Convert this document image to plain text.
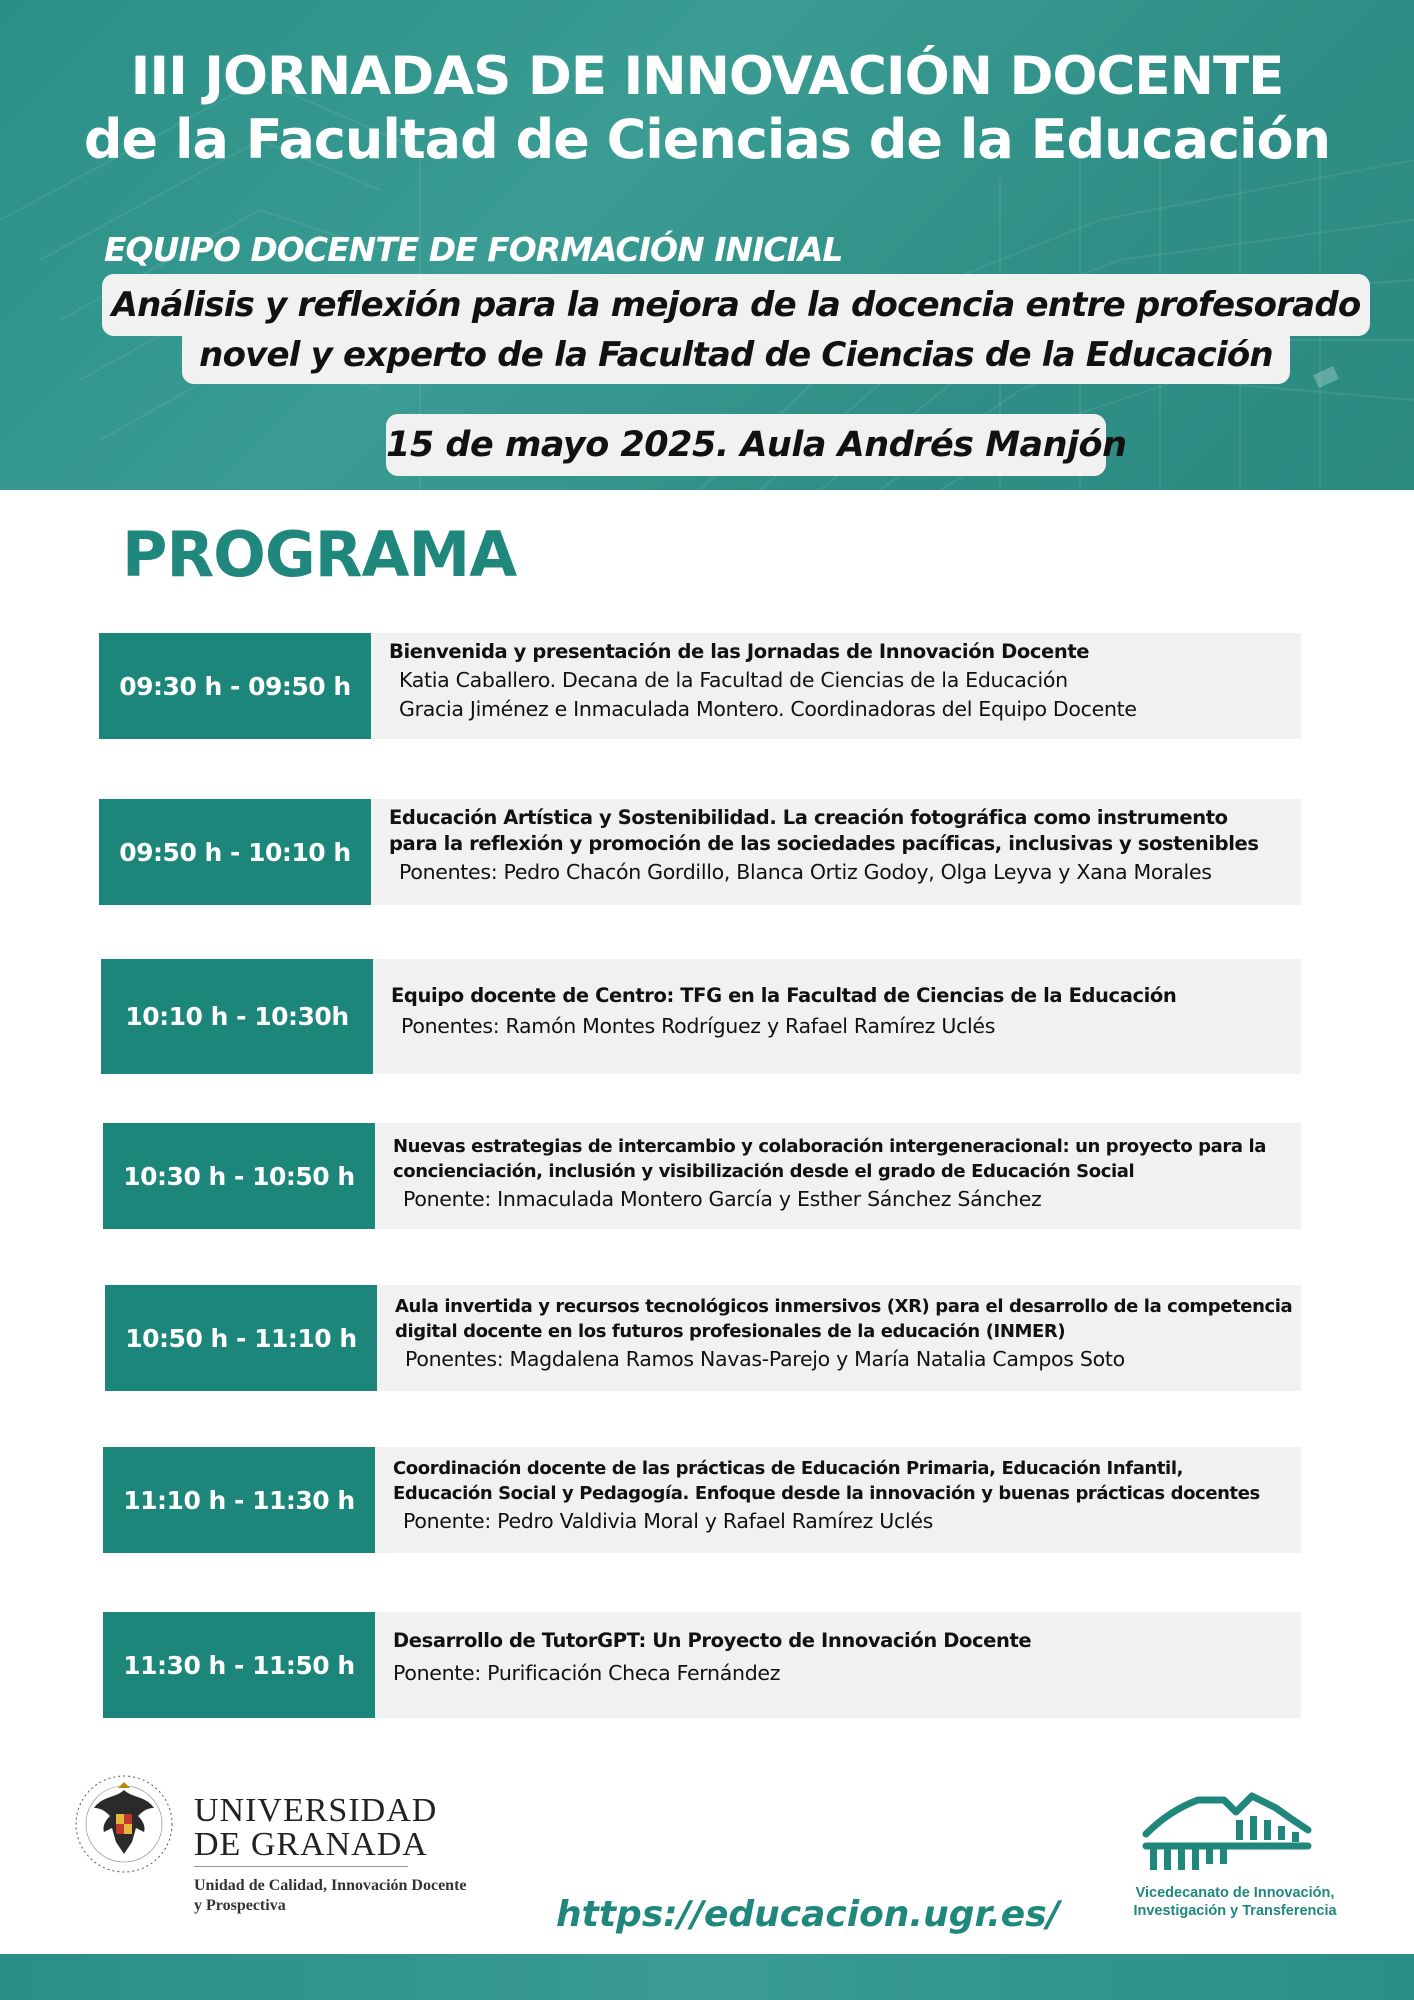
III JORNADAS DE INNOVACIÓN DOCENTE
de la Facultad de Ciencias de la Educación
EQUIPO DOCENTE DE FORMACIÓN INICIAL
Análisis y reflexión para la mejora de la docencia entre profesorado
novel y experto de la Facultad de Ciencias de la Educación
15 de mayo 2025. Aula Andrés Manjón
PROGRAMA
09:30 h - 09:50 h
Bienvenida y presentación de las Jornadas de Innovación Docente
Katia Caballero. Decana de la Facultad de Ciencias de la Educación
Gracia Jiménez e Inmaculada Montero. Coordinadoras del Equipo Docente
09:50 h - 10:10 h
Educación Artística y Sostenibilidad. La creación fotográfica como instrumento
para la reflexión y promoción de las sociedades pacíficas, inclusivas y sostenibles
Ponentes: Pedro Chacón Gordillo, Blanca Ortiz Godoy, Olga Leyva y Xana Morales
10:10 h - 10:30h
Equipo docente de Centro: TFG en la Facultad de Ciencias de la Educación
Ponentes: Ramón Montes Rodríguez y Rafael Ramírez Uclés
10:30 h - 10:50 h
Nuevas estrategias de intercambio y colaboración intergeneracional: un proyecto para la
concienciación, inclusión y visibilización desde el grado de Educación Social
Ponente: Inmaculada Montero García y Esther Sánchez Sánchez
10:50 h - 11:10 h
Aula invertida y recursos tecnológicos inmersivos (XR) para el desarrollo de la competencia
digital docente en los futuros profesionales de la educación (INMER)
Ponentes: Magdalena Ramos Navas-Parejo y María Natalia Campos Soto
11:10 h - 11:30 h
Coordinación docente de las prácticas de Educación Primaria, Educación Infantil,
Educación Social y Pedagogía. Enfoque desde la innovación y buenas prácticas docentes
Ponente: Pedro Valdivia Moral y Rafael Ramírez Uclés
11:30 h - 11:50 h
Desarrollo de TutorGPT: Un Proyecto de Innovación Docente
Ponente: Purificación Checa Fernández
UNIVERSIDAD
DE GRANADA
Unidad de Calidad, Innovación Docente
y Prospectiva	https://educacion.ugr.es/
Vicedecanato de Innovación,
Investigación y Transferencia
